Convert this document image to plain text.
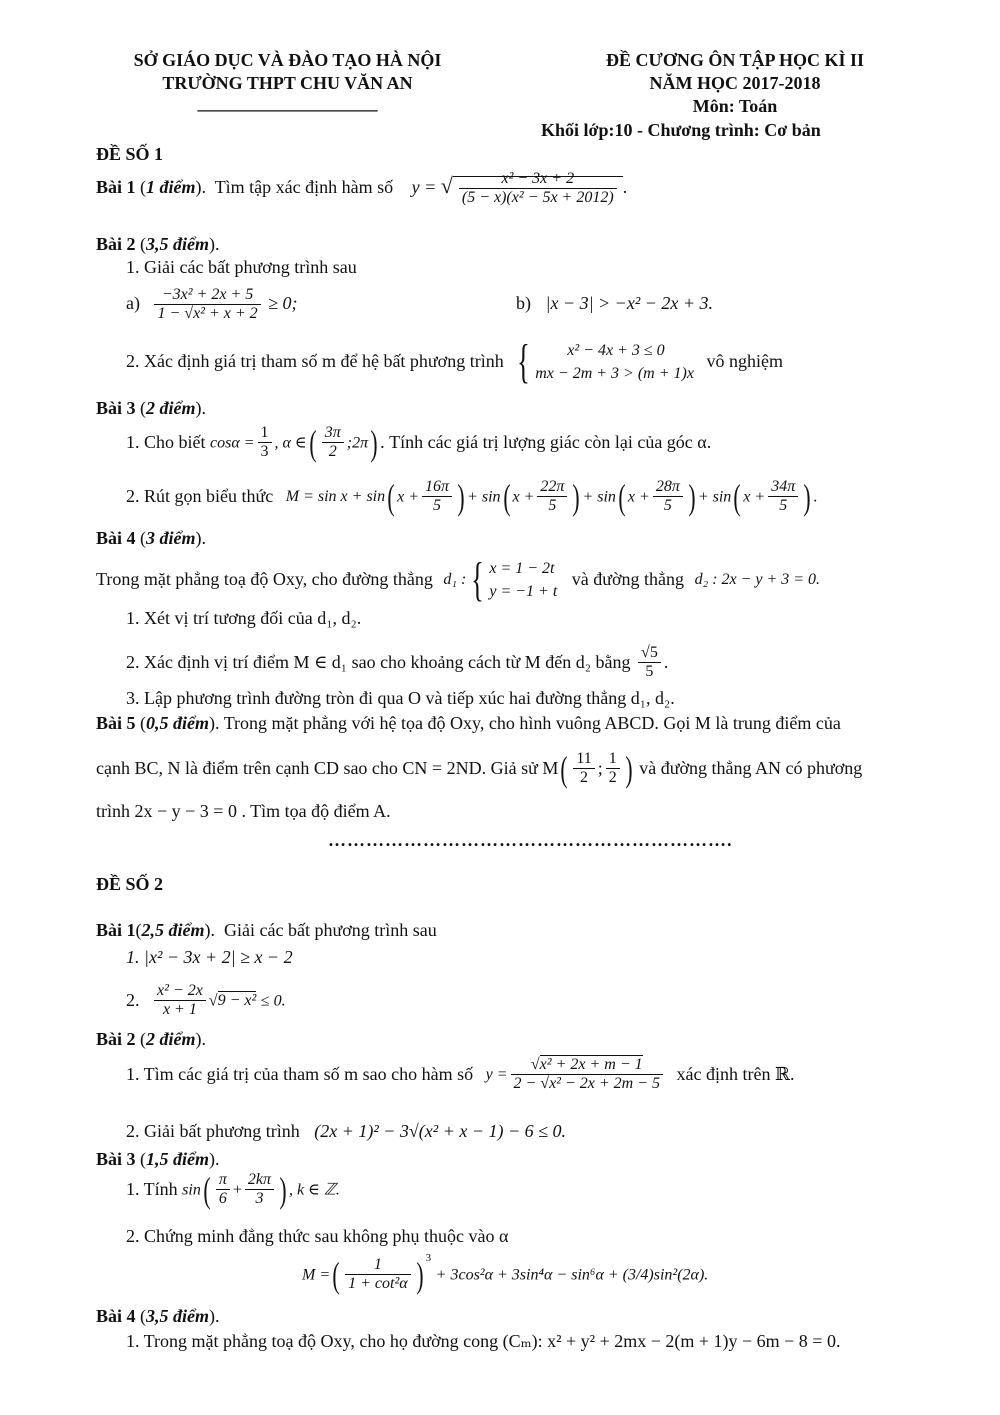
SỞ GIÁO DỤC VÀ ĐÀO TẠO HÀ NỘI
TRƯỜNG THPT CHU VĂN AN
____________________
ĐỀ CƯƠNG ÔN TẬP HỌC KÌ II
NĂM HỌC 2017-2018
Môn: Toán
Khối lớp:10 - Chương trình: Cơ bản
ĐỀ SỐ 1
Bài 1 (1 điểm).  Tìm tập xác định hàm số y = √ $\frac{\text{x² − 3x + 2}}{\text{(5 − x)(x² − 5x + 2012)}}$ .
Bài 2 (3,5 điểm).
1. Giải các bất phương trình sau
$a) \frac{\text{−3x² + 2x + 5}}{\text{1 − √x² + x + 2}} \ge 0$;	b) |x − 3| > −x² − 2x + 3.
2. Xác định giá trị tham số m để hệ bất phương trình {	x² − 4x + 3 ≤ 0
mx − 2m + 3 > (m + 1)x
vô nghiệm
Bài 3 (2 điểm).
1. Cho biết $\cos\alpha = \frac{1}{3}$ , α ∈( $\frac{3\pi}{2}$ ;2π) . Tính các giá trị lượng giác còn lại của góc α.
2. Rút gọn biểu thức M = sin x + sin( $x + \frac{16\pi}{5}$ ) + sin( $x + \frac{22\pi}{5}$ ) + sin( $x + \frac{28\pi}{5}$ ) + sin( $x + \frac{34\pi}{5}$ ) .
Bài 4 (3 điểm).
Trong mặt phẳng toạ độ Oxy, cho đường thẳng d₁ : { x = 1 − 2t
y = −1 + t
và đường thẳng d₂ : 2x − y + 3 = 0.
1. Xét vị trí tương đối của d₁, d₂.
2. Xác định vị trí điểm M ∈ d₁ sao cho khoảng cách từ M đến d₂ bằng $\frac{√5}{5}$ .
3. Lập phương trình đường tròn đi qua O và tiếp xúc hai đường thẳng d₁, d₂.
Bài 5 (0,5 điểm). Trong mặt phẳng với hệ tọa độ Oxy, cho hình vuông ABCD. Gọi M là trung điểm của
cạnh BC, N là điểm trên cạnh CD sao cho CN = 2ND. Giả sử $M( \frac{11}{2}$ ; $\frac{1}{2}$ ) và đường thẳng AN có phương
trình 2x − y − 3 = 0 . Tìm tọa độ điểm A.
……………………………………………………….
ĐỀ SỐ 2
Bài 1(2,5 điểm).  Giải các bất phương trình sau
1. |x² − 3x + 2| ≥ x − 2
2. $\frac{\text{x² − 2x}}{x + 1} √9 - x^2 \le 0$.
Bài 2 (2 điểm).
1. Tìm các giá trị của tham số m sao cho hàm số $y = \frac{\text{√x² + 2x + m − 1}}{\text{2 − √x² − 2x + 2m − 5}}$ xác định trên ℝ.
2. Giải bất phương trình (2x + 1)² − 3√(x² + x − 1) − 6 ≤ 0.
Bài 3 (1,5 điểm).
1. Tính $\sin( \frac{\pi}{6} + \frac{2k\pi}{3}$ ) , k ∈ ℤ.
2. Chứng minh đẳng thức sau không phụ thuộc vào α
M =( $\frac{1}{\text{1 + cot²α}}$ ) $^3$ + 3cos²α + 3sin⁴α − sin⁶α + (3/4)sin²(2α).
Bài 4 (3,5 điểm).
1. Trong mặt phẳng toạ độ Oxy, cho họ đường cong (Cₘ): x² + y² + 2mx − 2(m + 1)y − 6m − 8 = 0.
